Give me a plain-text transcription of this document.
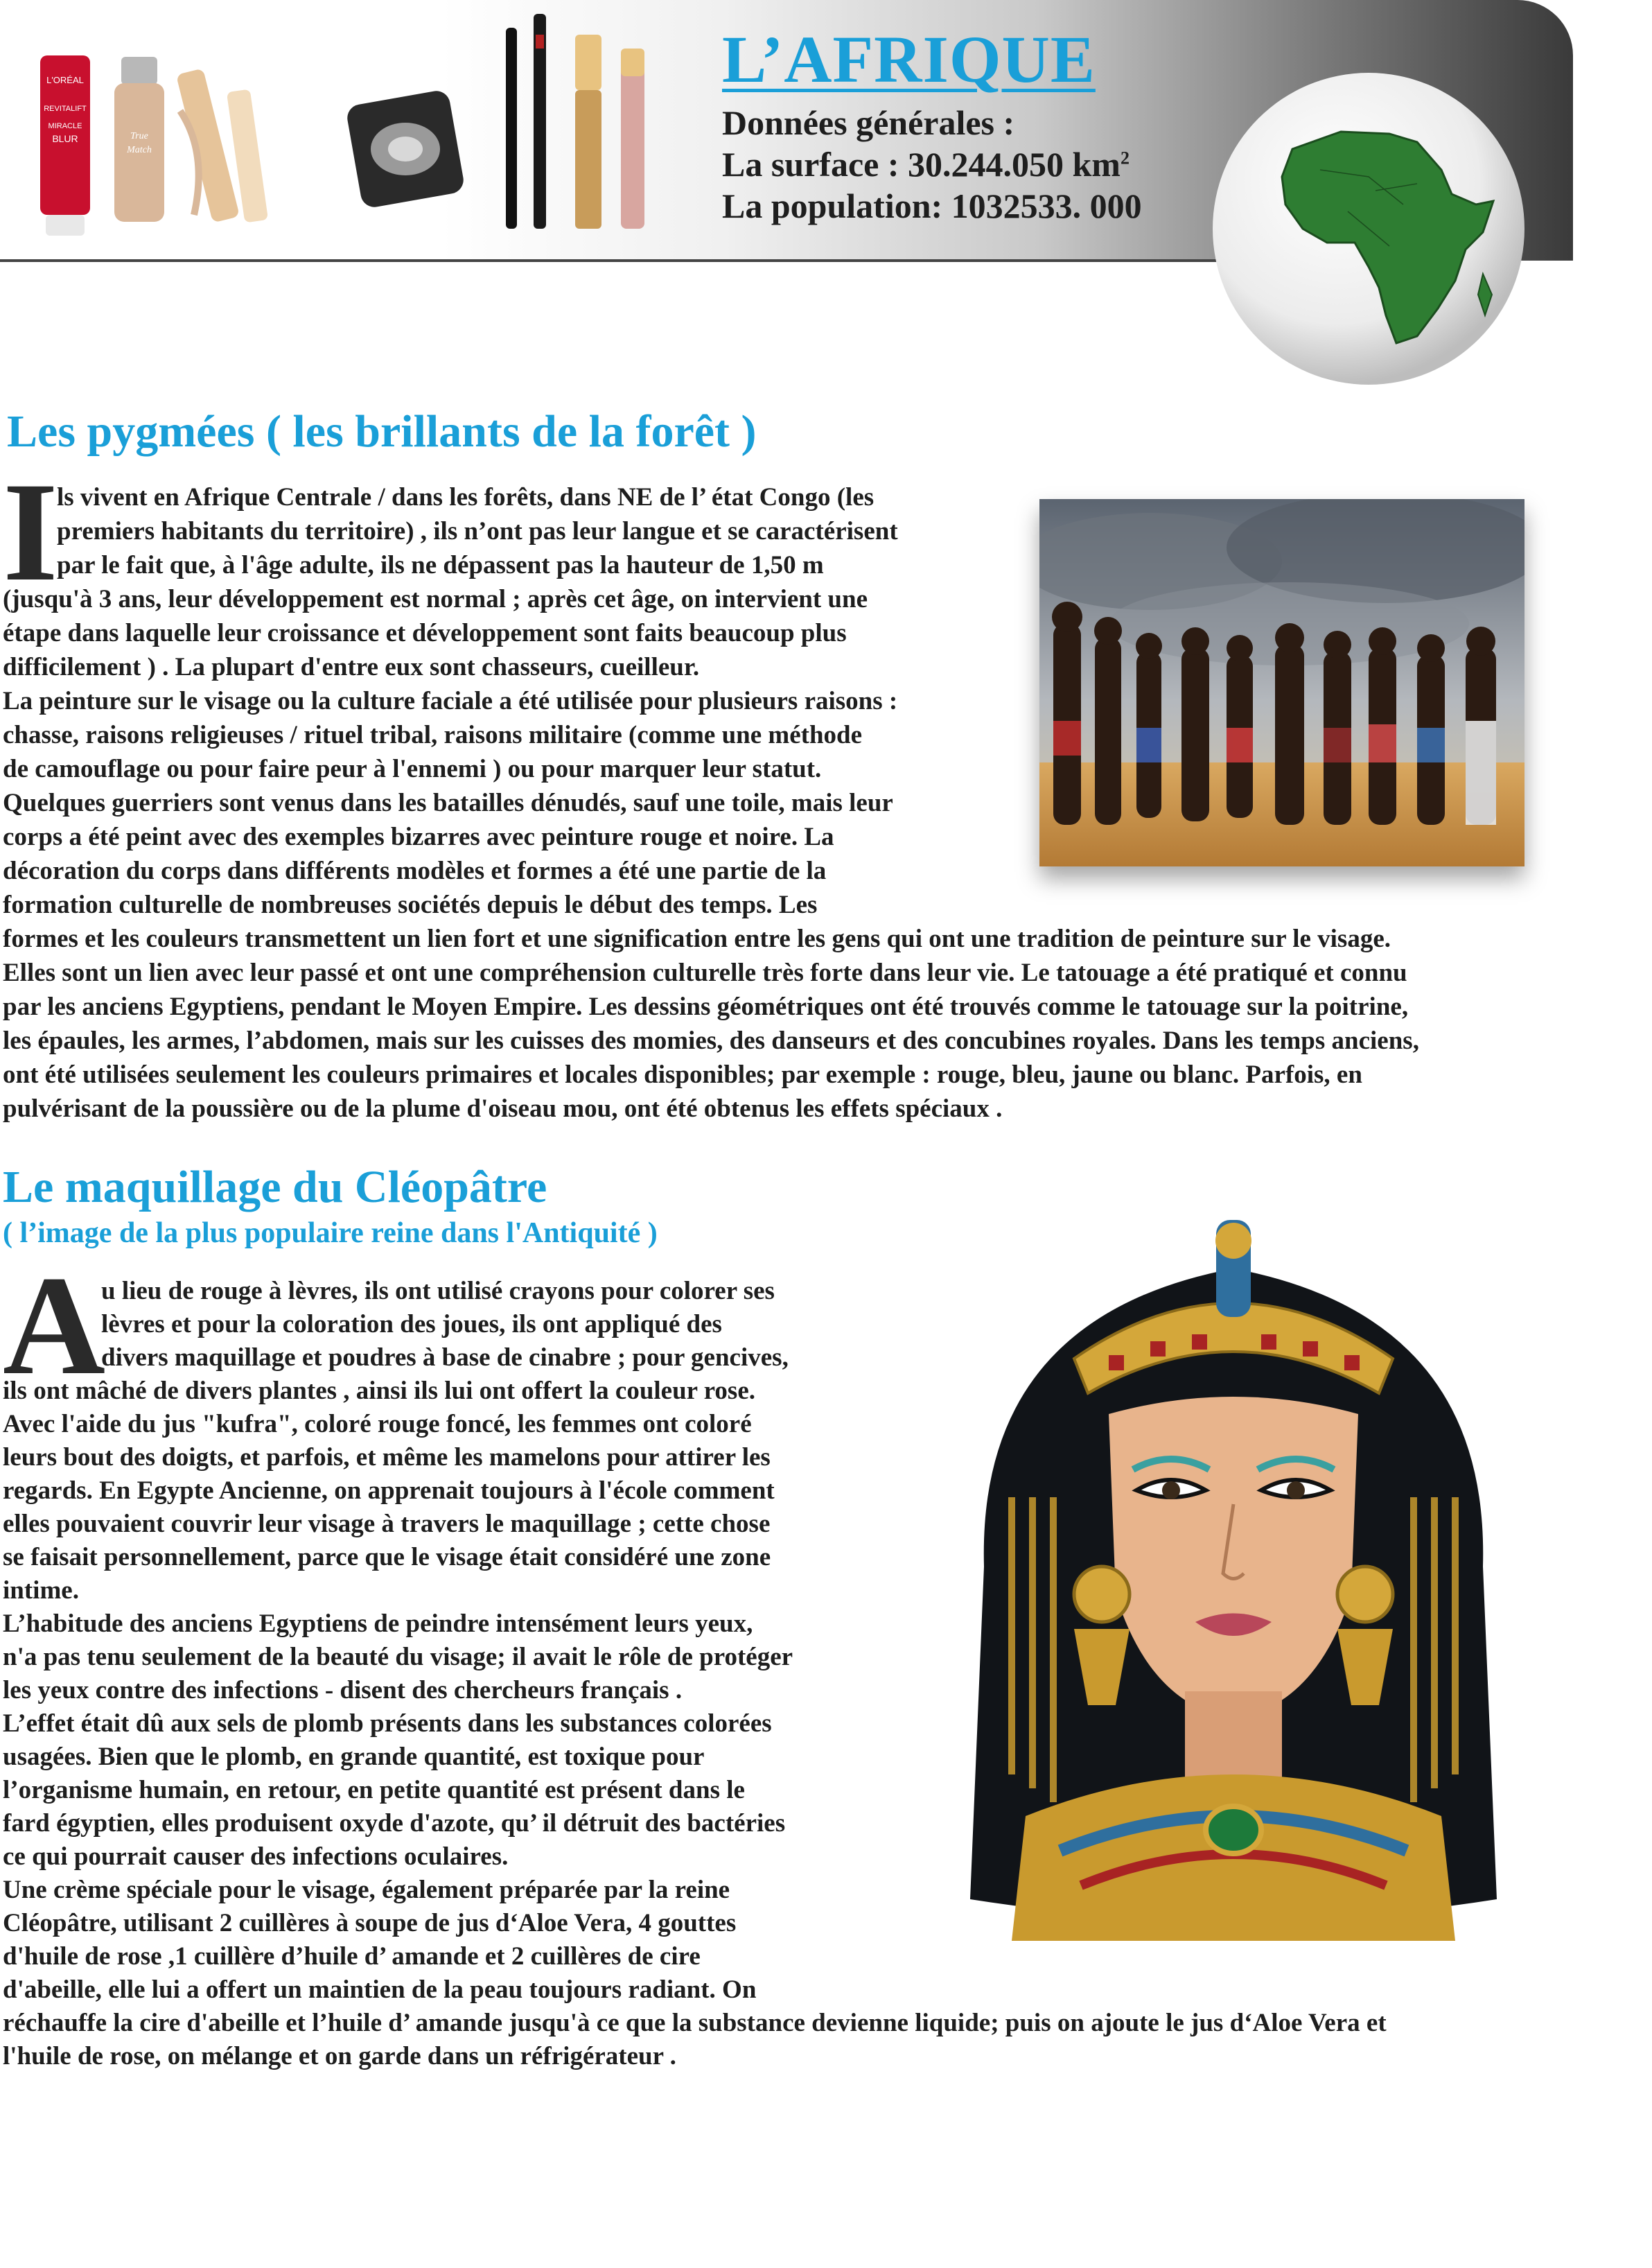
L'ORÉAL
REVITALIFT
MIRACLE
BLUR	True
Match
L’AFRIQUE
Données générales :
La surface : 30.244.050 $km^2$
La population: 1032533. 000
Les pygmées ( les brillants de la forêt )
I
ls vivent en Afrique Centrale / dans les forêts, dans NE de l’ état Congo (les
premiers habitants du territoire) , ils n’ont pas leur langue et se caractérisent
par le fait que, à l'âge adulte, ils ne dépassent pas la hauteur de 1,50 m
(jusqu'à 3 ans, leur développement est normal ; après cet âge, on intervient une
étape dans laquelle leur croissance et développement sont faits beaucoup plus
difficilement ) . La plupart d'entre eux sont chasseurs, cueilleur.
La peinture sur le visage ou la culture faciale a été utilisée pour plusieurs raisons :
chasse, raisons religieuses / rituel tribal, raisons militaire (comme une méthode
de camouflage ou pour faire peur à l'ennemi ) ou pour marquer leur statut.
Quelques guerriers sont venus dans les batailles dénudés, sauf une toile, mais leur
corps a été peint avec des exemples bizarres avec peinture rouge et noire. La
décoration du corps dans différents modèles et formes a été une partie de la
formation culturelle de nombreuses sociétés depuis le début des temps. Les
formes et les couleurs transmettent un lien fort et une signification entre les gens qui ont une tradition de peinture sur le visage.
Elles sont un lien avec leur passé et ont une compréhension culturelle très forte dans leur vie. Le tatouage a été pratiqué et connu
par les anciens Egyptiens, pendant le Moyen Empire. Les dessins géométriques ont été trouvés comme le tatouage sur la poitrine,
les épaules, les armes, l’abdomen, mais sur les cuisses des momies, des danseurs et des concubines royales. Dans les temps anciens,
ont été utilisées seulement les couleurs primaires et locales disponibles; par exemple : rouge, bleu, jaune ou blanc. Parfois, en
pulvérisant de la poussière ou de la plume d'oiseau mou, ont été obtenus les effets spéciaux .
Le maquillage du Cléopâtre
( l’image de la plus populaire reine dans l'Antiquité )
A
u lieu de rouge à lèvres, ils ont utilisé crayons pour colorer ses
lèvres et pour la coloration des joues, ils ont appliqué des
divers maquillage et poudres à base de cinabre ; pour gencives,
ils ont mâché de divers plantes , ainsi ils lui ont offert la couleur rose.
Avec l'aide du jus "kufra", coloré rouge foncé, les femmes ont coloré
leurs bout des doigts, et parfois, et même les mamelons pour attirer les
regards. En Egypte Ancienne, on apprenait toujours à l'école comment
elles pouvaient couvrir leur visage à travers le maquillage ; cette chose
se faisait personnellement, parce que le visage était considéré une zone
intime.
L’habitude des anciens Egyptiens de peindre intensément leurs yeux,
n'a pas tenu seulement de la beauté du visage; il avait le rôle de protéger
les yeux contre des infections - disent des chercheurs français .
L’effet était dû aux sels de plomb présents dans les substances colorées
usagées. Bien que le plomb, en grande quantité, est toxique pour
l’organisme humain, en retour, en petite quantité est présent dans le
fard égyptien, elles produisent oxyde d'azote, qu’ il détruit des bactéries
ce qui pourrait causer des infections oculaires.
Une crème spéciale pour le visage, également préparée par la reine
Cléopâtre, utilisant 2 cuillères à soupe de jus d‘Aloe Vera, 4 gouttes
d'huile de rose ,1 cuillère d’huile d’ amande et 2 cuillères de cire
d'abeille, elle lui a offert un maintien de la peau toujours radiant. On
réchauffe la cire d'abeille et l’huile d’ amande jusqu'à ce que la substance devienne liquide; puis on ajoute le jus d‘Aloe Vera et
l'huile de rose, on mélange et on garde dans un réfrigérateur .
